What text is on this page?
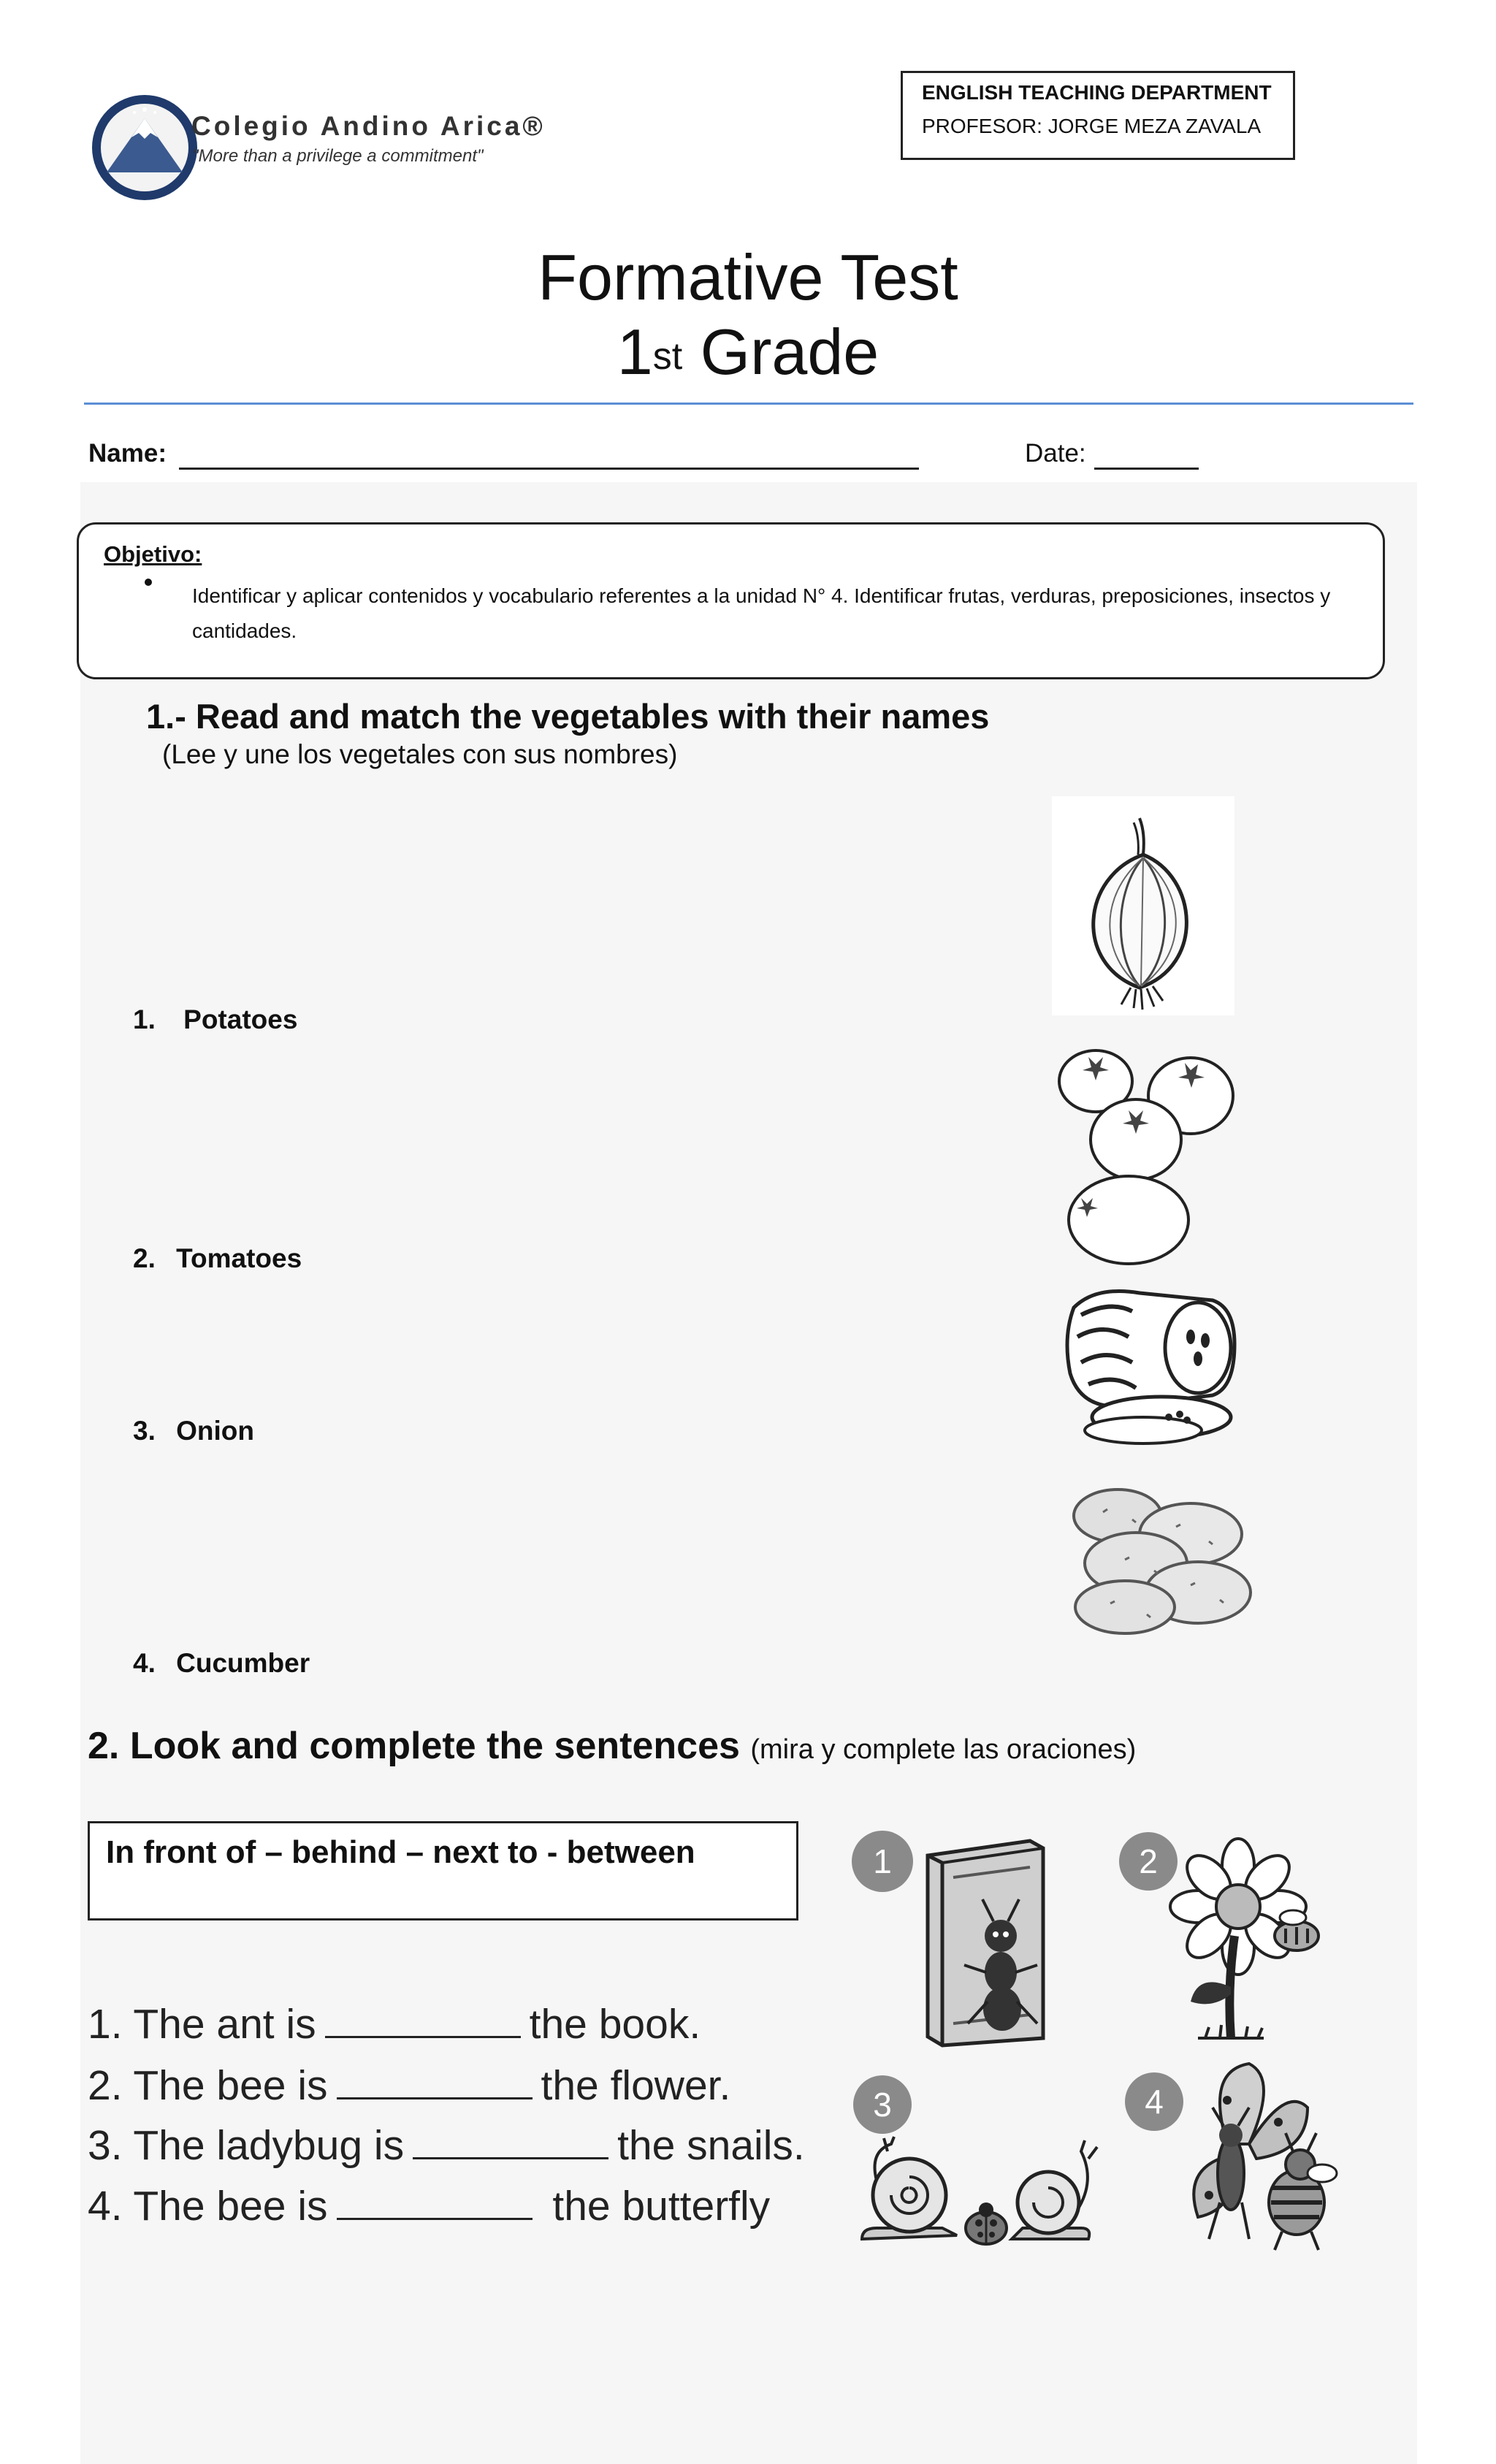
Colegio Andino Arica®
"More than a privilege a commitment"
ENGLISH TEACHING DEPARTMENT
PROFESOR: JORGE MEZA ZAVALA
Formative Test
1st Grade
Name:	Date:
Objetivo:
Identificar y aplicar contenidos y vocabulario referentes a la unidad N° 4. Identificar frutas, verduras, preposiciones, insectos y cantidades.
1.- Read and match the vegetables with their names
(Lee y une los vegetales con sus nombres)
1. Potatoes
2. Tomatoes
3. Onion
4. Cucumber
2. Look and complete the sentences (mira y complete las oraciones)
In front of – behind – next to - between
1. The ant is	the book.
2. The bee is	the flower.
3. The ladybug is	the snails.
4. The bee is	the butterfly
1	2
3	4
